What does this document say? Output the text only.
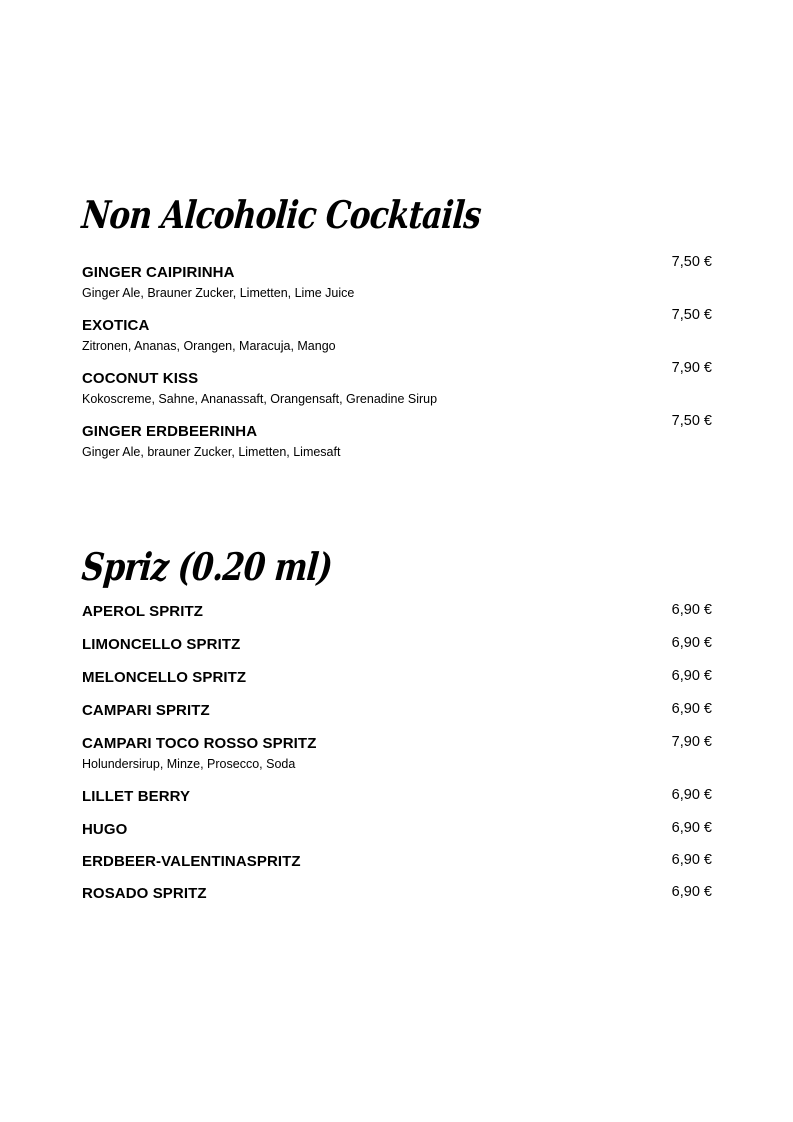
Non Alcoholic Cocktails
GINGER CAIPIRINHA
Ginger Ale, Brauner Zucker, Limetten, Lime Juice
7,50 €
EXOTICA
Zitronen, Ananas, Orangen, Maracuja, Mango
7,50 €
COCONUT KISS
Kokoscreme, Sahne, Ananassaft, Orangensaft, Grenadine Sirup
7,90 €
GINGER ERDBEERINHA
Ginger Ale, brauner Zucker, Limetten, Limesaft
7,50 €
Spriz (0.20 ml)
APEROL SPRITZ	6,90 €
LIMONCELLO SPRITZ	6,90 €
MELONCELLO SPRITZ	6,90 €
CAMPARI SPRITZ	6,90 €
CAMPARI TOCO ROSSO SPRITZ
Holundersirup, Minze, Prosecco, Soda
7,90 €
LILLET BERRY	6,90 €
HUGO	6,90 €
ERDBEER-VALENTINASPRITZ	6,90 €
ROSADO SPRITZ	6,90 €
